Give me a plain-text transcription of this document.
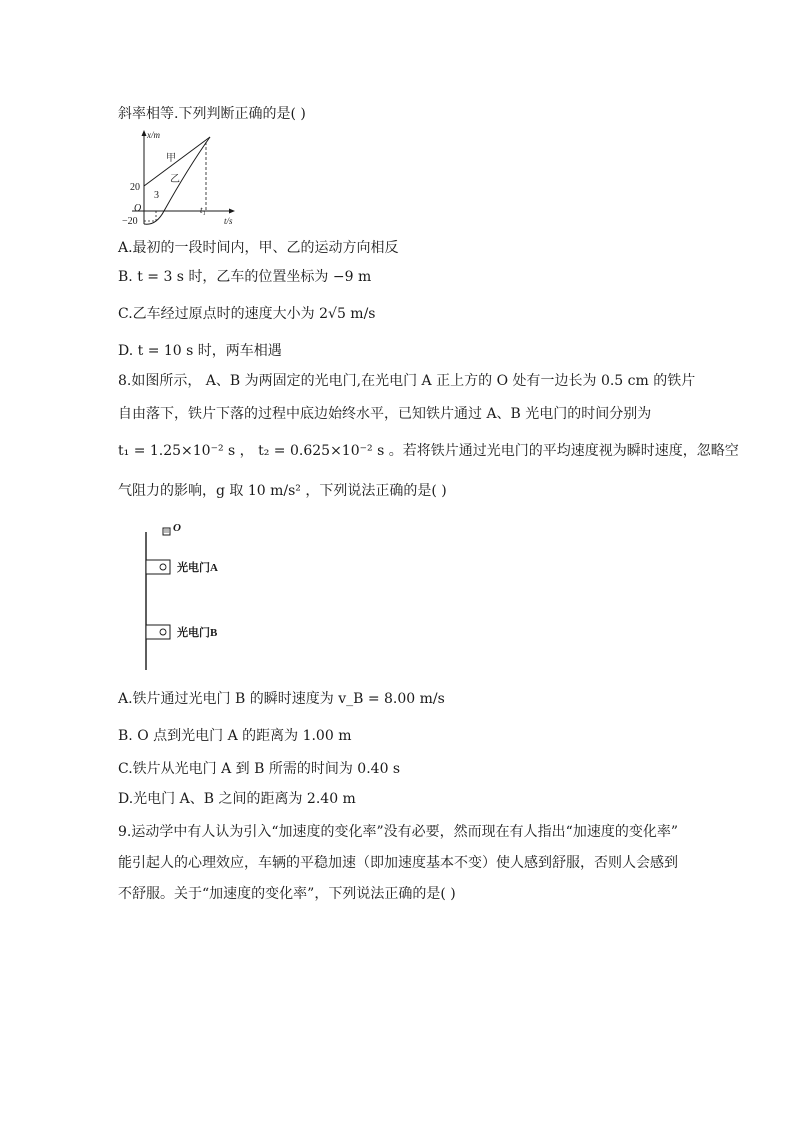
斜率相等.下列判断正确的是( )
x/m
t/s
20
−20
O
3
t₁
甲
乙
A.最初的一段时间内，甲、乙的运动方向相反
B. t = 3 s 时，乙车的位置坐标为 −9 m
C.乙车经过原点时的速度大小为 2√5 m/s
D. t = 10 s 时，两车相遇
8.如图所示， A、B 为两固定的光电门,在光电门 A 正上方的 O 处有一边长为 0.5 cm 的铁片
自由落下，铁片下落的过程中底边始终水平，已知铁片通过 A、B 光电门的时间分别为
t₁ = 1.25×10⁻² s ， t₂ = 0.625×10⁻² s 。若将铁片通过光电门的平均速度视为瞬时速度，忽略空
气阻力的影响，g 取 10 m/s² ，下列说法正确的是( )
O
光电门A
光电门B
A.铁片通过光电门 B 的瞬时速度为 v_B = 8.00 m/s
B. O 点到光电门 A 的距离为 1.00 m
C.铁片从光电门 A 到 B 所需的时间为 0.40 s
D.光电门 A、B 之间的距离为 2.40 m
9.运动学中有人认为引入“加速度的变化率”没有必要，然而现在有人指出“加速度的变化率”
能引起人的心理效应，车辆的平稳加速（即加速度基本不变）使人感到舒服，否则人会感到
不舒服。关于“加速度的变化率”，下列说法正确的是( )
